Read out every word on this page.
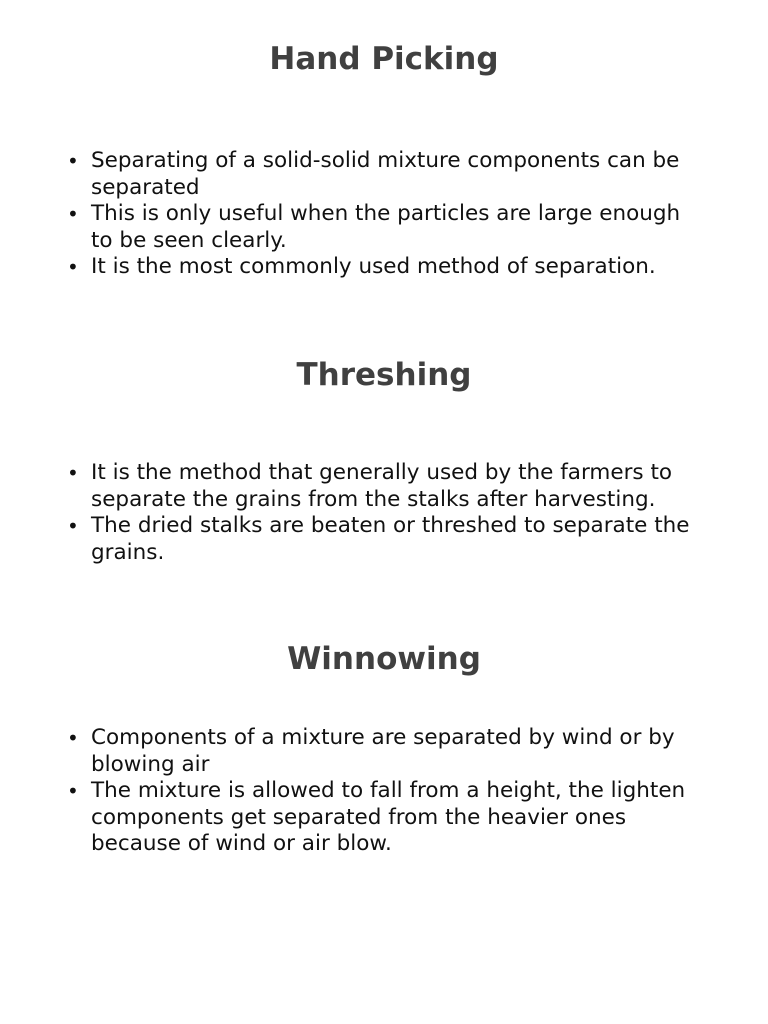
Hand Picking
• Separating of a solid-solid mixture components can be separated
• This is only useful when the particles are large enough to be seen clearly.
• It is the most commonly used method of separation.
Threshing
• It is the method that generally used by the farmers to separate the grains from the stalks after harvesting.
• The dried stalks are beaten or threshed to separate the grains.
Winnowing
• Components of a mixture are separated by wind or by blowing air
• The mixture is allowed to fall from a height, the lighten components get separated from the heavier ones because of wind or air blow.
